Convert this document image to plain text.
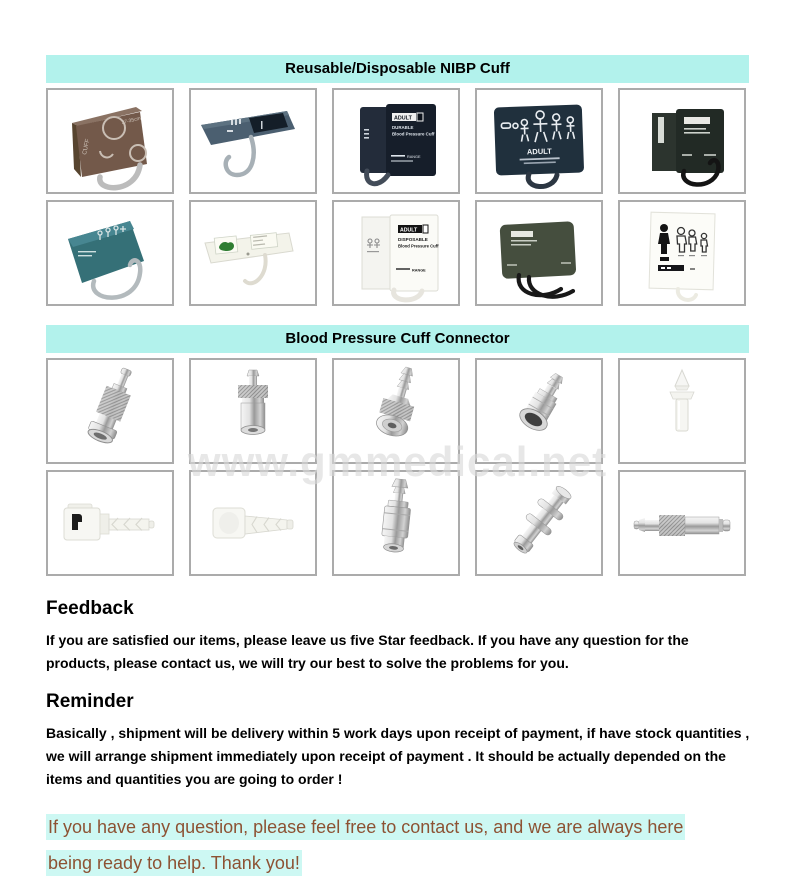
Reusable/Disposable NIBP Cuff
CUFF
27-35cm	ADULT
DURABLE
Blood Pressure Cuff
RANGE
ADULT
ADULT
DISPOSABLE
Blood Pressure Cuff
RANGE
Blood Pressure Cuff Connector
www.gmmedical.net
Feedback

If you are satisfied our items, please leave us five Star feedback. If you have any question for the products, please contact us, we will try our best to solve the problems for you.

Reminder

Basically , shipment will be delivery within 5 work days upon receipt of payment, if have stock quantities , we will arrange shipment immediately upon receipt of payment . It should be actually depended on the items and quantities you are going to order !

If you have any question, please feel free to contact us, and we are always here
being ready to help. Thank you!
